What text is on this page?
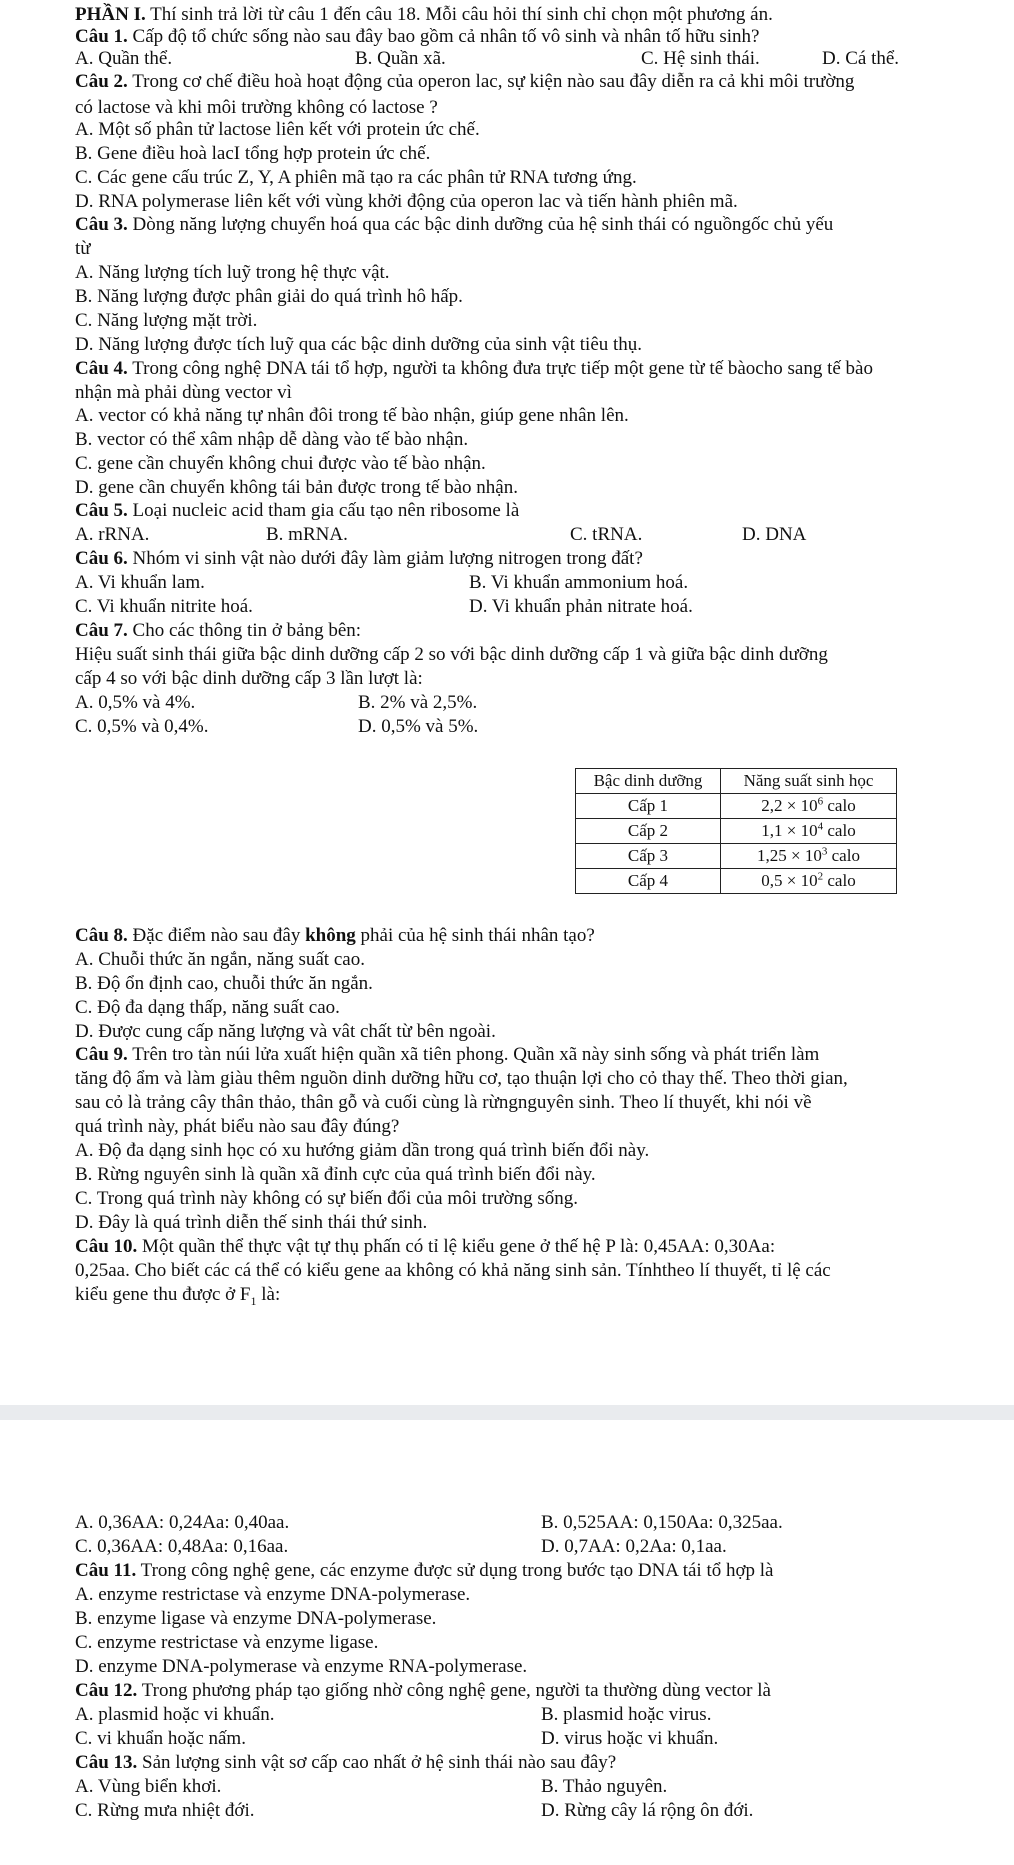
PHẦN I. Thí sinh trả lời từ câu 1 đến câu 18. Mỗi câu hỏi thí sinh chỉ chọn một phương án.
Câu 1. Cấp độ tổ chức sống nào sau đây bao gồm cả nhân tố vô sinh và nhân tố hữu sinh?
A. Quần thể.	B. Quần xã.	C. Hệ sinh thái.	D. Cá thể.
Câu 2. Trong cơ chế điều hoà hoạt động của operon lac, sự kiện nào sau đây diễn ra cả khi môi trường
có lactose và khi môi trường không có lactose ?
A. Một số phân tử lactose liên kết với protein ức chế.
B. Gene điều hoà lacI tổng hợp protein ức chế.
C. Các gene cấu trúc Z, Y, A phiên mã tạo ra các phân tử RNA tương ứng.
D. RNA polymerase liên kết với vùng khởi động của operon lac và tiến hành phiên mã.
Câu 3. Dòng năng lượng chuyển hoá qua các bậc dinh dưỡng của hệ sinh thái có nguồngốc chủ yếu
từ
A. Năng lượng tích luỹ trong hệ thực vật.
B. Năng lượng được phân giải do quá trình hô hấp.
C. Năng lượng mặt trời.
D. Năng lượng được tích luỹ qua các bậc dinh dưỡng của sinh vật tiêu thụ.
Câu 4. Trong công nghệ DNA tái tổ hợp, người ta không đưa trực tiếp một gene từ tế bàocho sang tế bào
nhận mà phải dùng vector vì
A. vector có khả năng tự nhân đôi trong tế bào nhận, giúp gene nhân lên.
B. vector có thể xâm nhập dễ dàng vào tế bào nhận.
C. gene cần chuyển không chui được vào tế bào nhận.
D. gene cần chuyển không tái bản được trong tế bào nhận.
Câu 5. Loại nucleic acid tham gia cấu tạo nên ribosome là
A. rRNA.	B. mRNA.	C. tRNA.	D. DNA
Câu 6. Nhóm vi sinh vật nào dưới đây làm giảm lượng nitrogen trong đất?
A. Vi khuẩn lam.	B. Vi khuẩn ammonium hoá.
C. Vi khuẩn nitrite hoá.	D. Vi khuẩn phản nitrate hoá.
Câu 7. Cho các thông tin ở bảng bên:
Hiệu suất sinh thái giữa bậc dinh dưỡng cấp 2 so với bậc dinh dưỡng cấp 1 và giữa bậc dinh dưỡng
cấp 4 so với bậc dinh dưỡng cấp 3 lần lượt là:
A. 0,5% và 4%.	B. 2% và 2,5%.
C. 0,5% và 0,4%.	D. 0,5% và 5%.
Bậc dinh dưỡng	Năng suất sinh học
Cấp 1	$2,2 \times 10^6$ calo
Cấp 2	$1,1 \times 10^4$ calo
Cấp 3	$1,25 \times 10^3$ calo
Cấp 4	$0,5 \times 10^2$ calo
Câu 8. Đặc điểm nào sau đây không phải của hệ sinh thái nhân tạo?
A. Chuỗi thức ăn ngắn, năng suất cao.
B. Độ ổn định cao, chuỗi thức ăn ngắn.
C. Độ đa dạng thấp, năng suất cao.
D. Được cung cấp năng lượng và vât chất từ bên ngoài.
Câu 9. Trên tro tàn núi lửa xuất hiện quần xã tiên phong. Quần xã này sinh sống và phát triển làm
tăng độ ẩm và làm giàu thêm nguồn dinh dưỡng hữu cơ, tạo thuận lợi cho cỏ thay thế. Theo thời gian,
sau cỏ là trảng cây thân thảo, thân gỗ và cuối cùng là rừngnguyên sinh. Theo lí thuyết, khi nói về
quá trình này, phát biểu nào sau đây đúng?
A. Độ đa dạng sinh học có xu hướng giảm dần trong quá trình biến đổi này.
B. Rừng nguyên sinh là quần xã đỉnh cực của quá trình biến đổi này.
C. Trong quá trình này không có sự biến đổi của môi trường sống.
D. Đây là quá trình diễn thế sinh thái thứ sinh.
Câu 10. Một quần thể thực vật tự thụ phấn có tỉ lệ kiểu gene ở thế hệ P là: 0,45AA: 0,30Aa:
0,25aa. Cho biết các cá thể có kiểu gene aa không có khả năng sinh sản. Tínhtheo lí thuyết, tỉ lệ các
kiểu gene thu được ở $F_1$ là:
A. 0,36AA: 0,24Aa: 0,40aa.	B. 0,525AA: 0,150Aa: 0,325aa.
C. 0,36AA: 0,48Aa: 0,16aa.	D. 0,7AA: 0,2Aa: 0,1aa.
Câu 11. Trong công nghệ gene, các enzyme được sử dụng trong bước tạo DNA tái tổ hợp là
A. enzyme restrictase và enzyme DNA-polymerase.
B. enzyme ligase và enzyme DNA-polymerase.
C. enzyme restrictase và enzyme ligase.
D. enzyme DNA-polymerase và enzyme RNA-polymerase.
Câu 12. Trong phương pháp tạo giống nhờ công nghệ gene, người ta thường dùng vector là
A. plasmid hoặc vi khuẩn.	B. plasmid hoặc virus.
C. vi khuẩn hoặc nấm.	D. virus hoặc vi khuẩn.
Câu 13. Sản lượng sinh vật sơ cấp cao nhất ở hệ sinh thái nào sau đây?
A. Vùng biển khơi.	B. Thảo nguyên.
C. Rừng mưa nhiệt đới.	D. Rừng cây lá rộng ôn đới.
